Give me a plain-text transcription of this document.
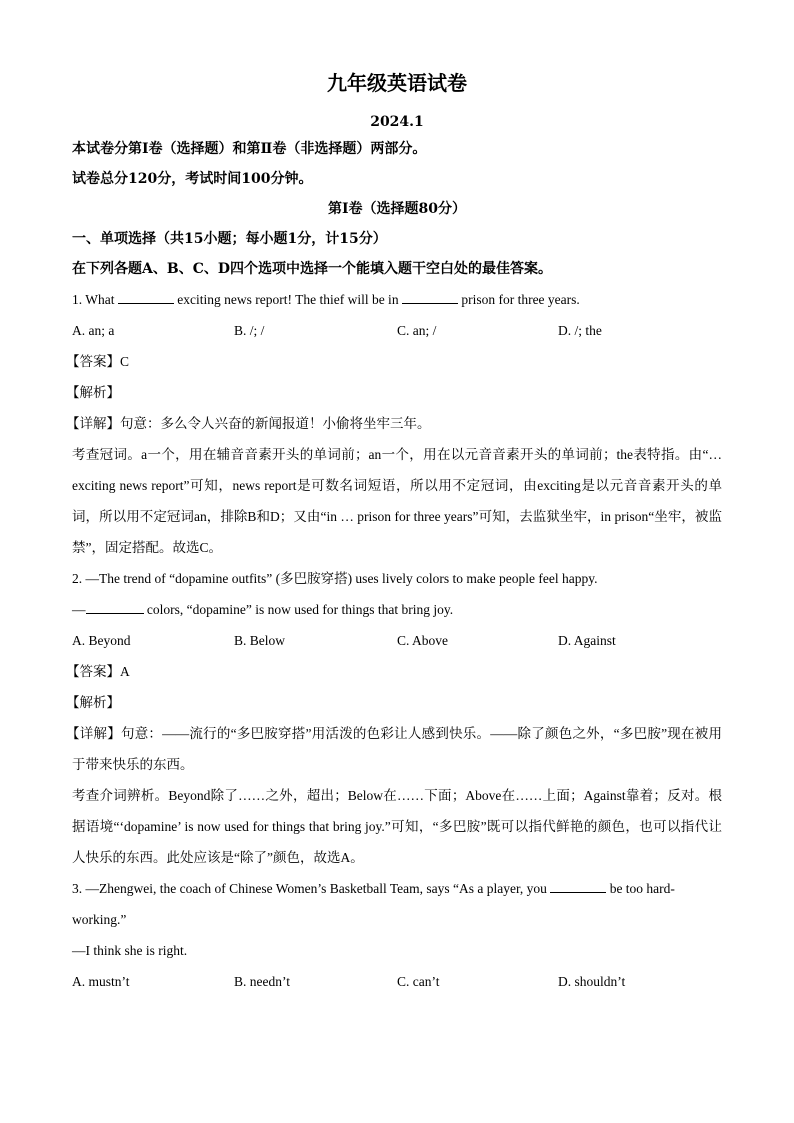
九年级英语试卷
2024.1
本试卷分第Ⅰ卷（选择题）和第Ⅱ卷（非选择题）两部分。
试卷总分120分，考试时间100分钟。
第Ⅰ卷（选择题80分）
一、单项选择（共15小题；每小题1分，计15分）
在下列各题A、B、C、D四个选项中选择一个能填入题干空白处的最佳答案。
1. What	exciting news report! The thief will be in	prison for three years.
A. an; a	B. /; /	C. an; /	D. /; the
【答案】C
【解析】
【详解】句意：多么令人兴奋的新闻报道！小偷将坐牢三年。
考查冠词。a一个，用在辅音音素开头的单词前；an一个，用在以元音音素开头的单词前；the表特指。由“… exciting news report”可知，news report是可数名词短语，所以用不定冠词，由exciting是以元音音素开头的单词，所以用不定冠词an，排除B和D；又由“in … prison for three years”可知，去监狱坐牢，in prison“坐牢，被监禁”，固定搭配。故选C。
2. —The trend of “dopamine outfits” (多巴胺穿搭) uses lively colors to make people feel happy.
—	colors, “dopamine” is now used for things that bring joy.
A. Beyond	B. Below	C. Above	D. Against
【答案】A
【解析】
【详解】句意：——流行的“多巴胺穿搭”用活泼的色彩让人感到快乐。——除了颜色之外，“多巴胺”现在被用于带来快乐的东西。
考查介词辨析。Beyond除了……之外，超出；Below在……下面；Above在……上面；Against靠着；反对。根据语境“‘dopamine’ is now used for things that bring joy.”可知，“多巴胺”既可以指代鲜艳的颜色，也可以指代让人快乐的东西。此处应该是“除了”颜色，故选A。
3. —Zhengwei, the coach of Chinese Women’s Basketball Team, says “As a player, you	be too hard-
working.”
—I think she is right.
A. mustn’t	B. needn’t	C. can’t	D. shouldn’t
